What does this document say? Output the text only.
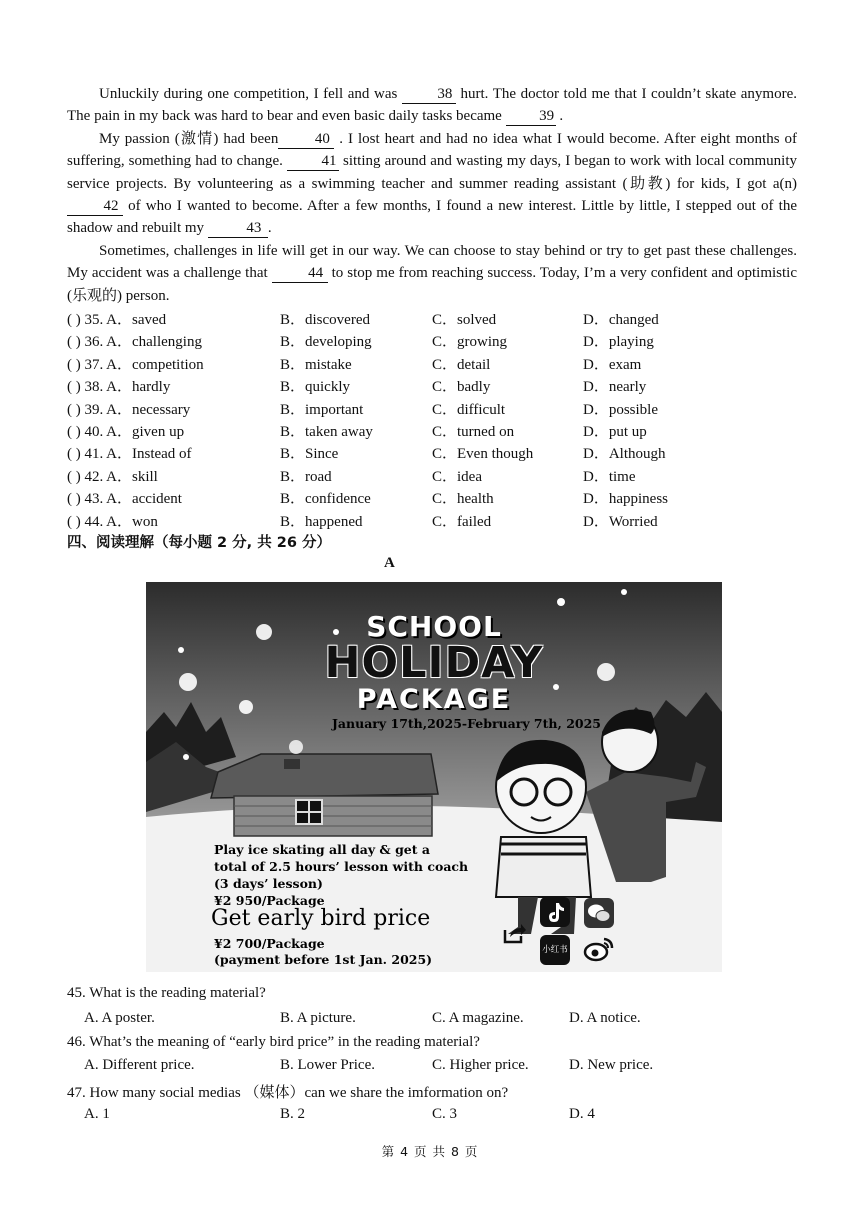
Unluckily during one competition, I fell and was 38 hurt. The doctor told me that I couldn’t skate anymore. The pain in my back was hard to bear and even basic daily tasks became 39 .

My passion (激情) had been 40 . I lost heart and had no idea what I would become. After eight months of suffering, something had to change. 41 sitting around and wasting my days, I began to work with local community service projects. By volunteering as a swimming teacher and summer reading assistant (助教) for kids, I got a(n) 42 of who I wanted to become. After a few months, I found a new interest. Little by little, I stepped out of the shadow and rebuilt my	43 .

Sometimes, challenges in life will get in our way. We can choose to stay behind or try to get past these challenges. My accident was a challenge that 44 to stop me from reaching success. Today, I’m a very confident and optimistic (乐观的) person.

( ) 35. A．saved	B．discovered	C．solved	D．changed
( ) 36. A．challenging	B．developing	C．growing	D．playing
( ) 37. A．competition	B．mistake	C．detail	D．exam
( ) 38. A．hardly	B．quickly	C．badly	D．nearly
( ) 39. A．necessary	B．important	C．difficult	D．possible
( ) 40. A．given up	B．taken away	C．turned on	D．put up
( ) 41. A．Instead of	B．Since	C．Even though	D．Although
( ) 42. A．skill	B．road	C．idea	D．time
( ) 43. A．accident	B．confidence	C．health	D．happiness
( ) 44. A．won	B．happened	C．failed	D．Worried
四、阅读理解（每小题 2 分, 共 26 分）
A
SCHOOL
HOLIDAY
PACKAGE
January 17th,2025-February 7th, 2025
Play ice skating all day & get a
total of 2.5 hours’ lesson with coach
(3 days’ lesson)
¥2 950/Package
Get early bird price
¥2 700/Package
(payment before 1st Jan. 2025)
小红书
45. What is the reading material?
A. A poster.	B. A picture.	C. A magazine.	D. A notice.
46. What’s the meaning of “early bird price” in the reading material?
A. Different price.	B. Lower Price.	C. Higher price.	D. New price.
47. How many social medias （媒体）can we share the imformation on?
A. 1	B. 2	C. 3	D. 4
第 4 页 共 8 页
